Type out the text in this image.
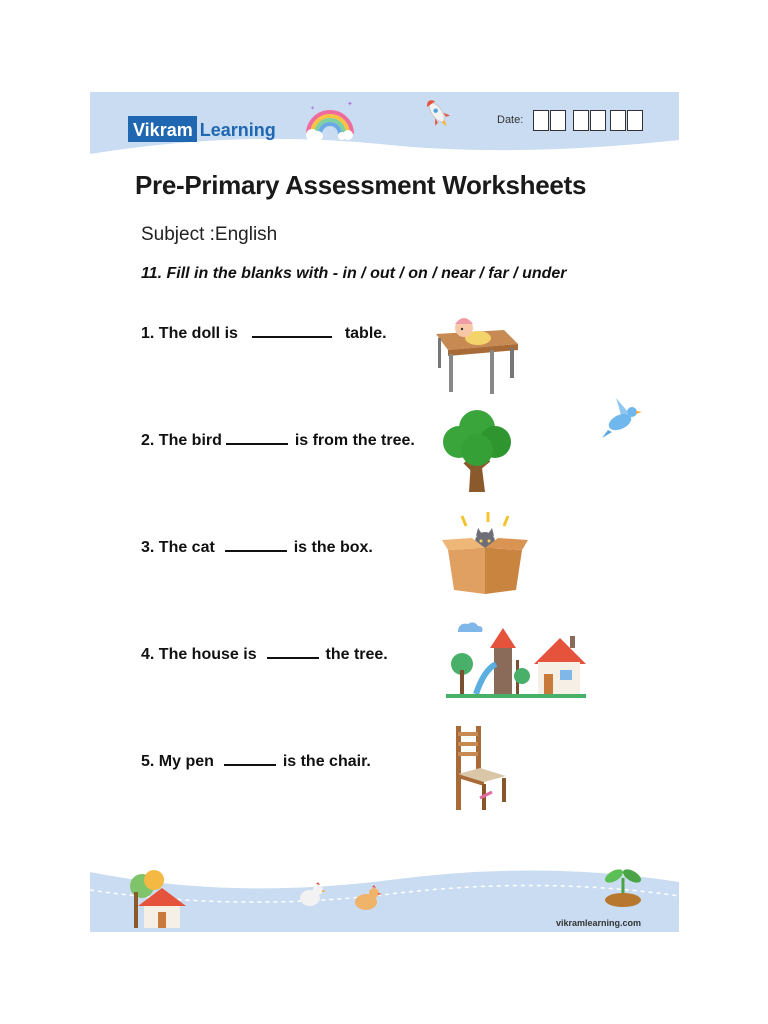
Vikram Learning
✦
✦
Date:
Pre-Primary Assessment Worksheets
Subject :English
11. Fill in the blanks with - in / out / on / near / far / under
1. The doll is	table.
2. The bird	is from the tree.
3. The cat	is the box.
4. The house is	the tree.
5. My pen	is the chair.
vikramlearning.com
